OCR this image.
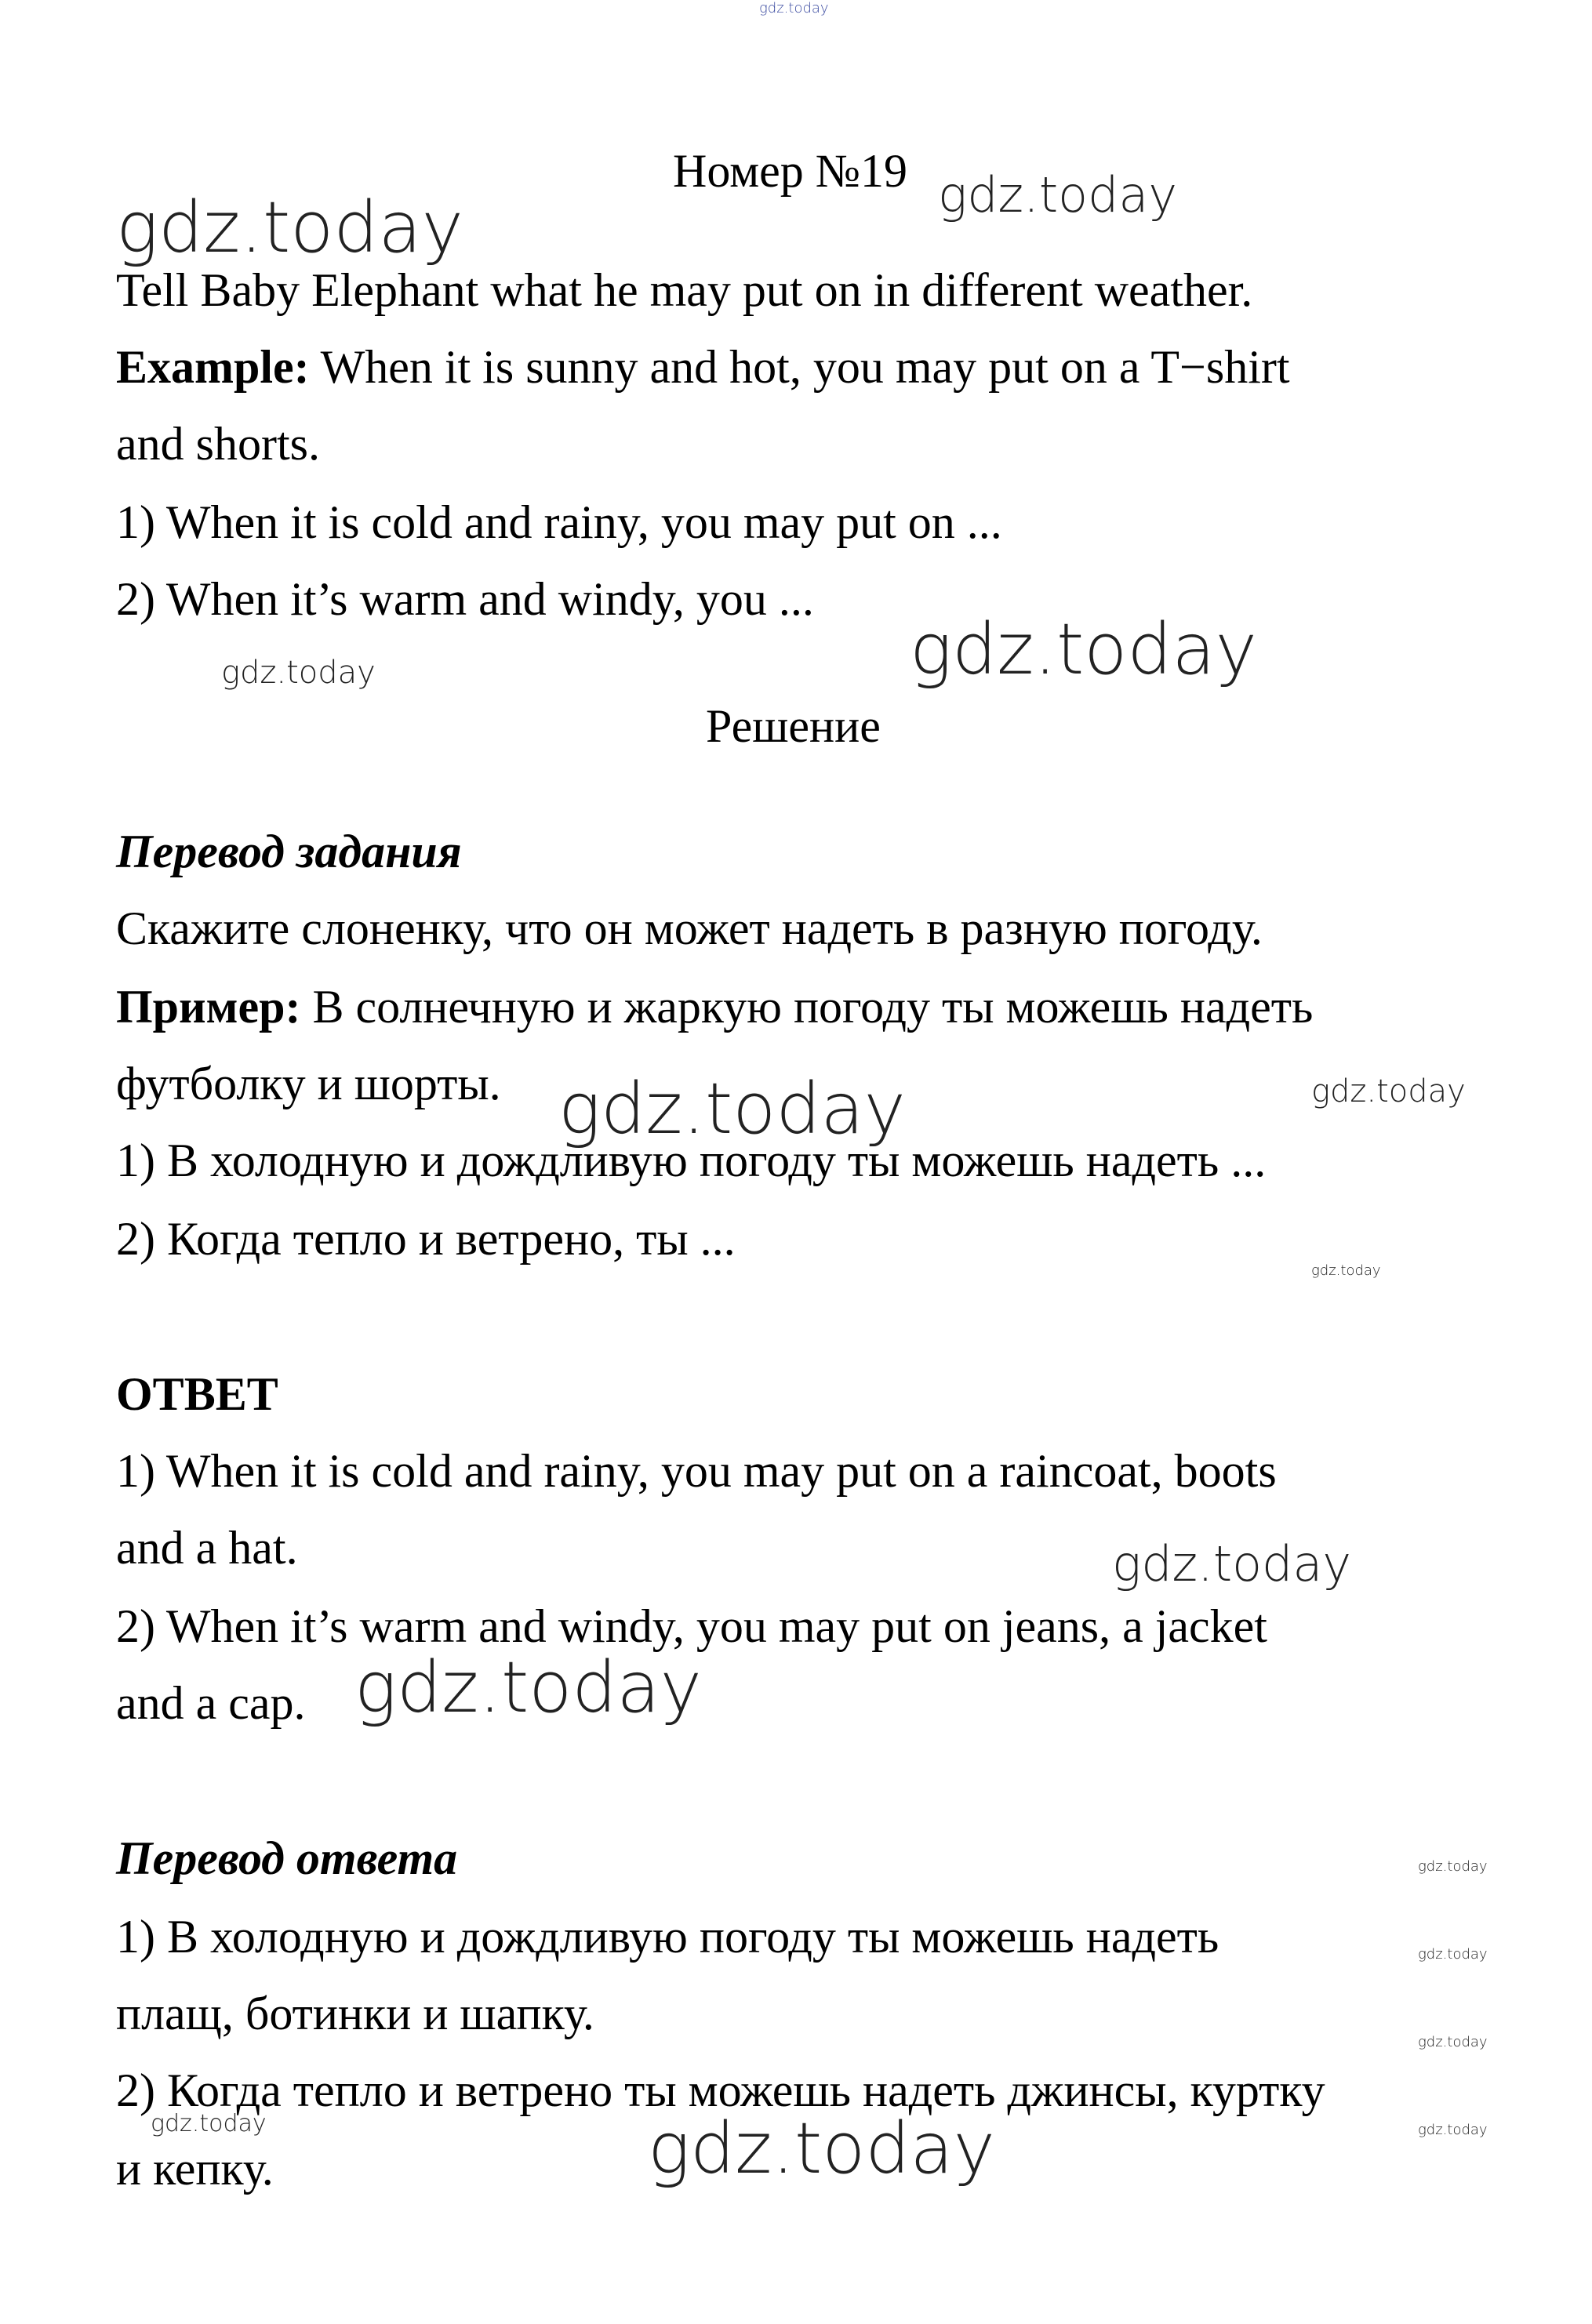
gdz.today
gdz.today	gdz.today
gdz.today	gdz.today
gdz.today	gdz.today
gdz.today
gdz.today
gdz.today
gdz.today
gdz.today
gdz.today
gdz.today
gdz.today	gdz.today
Номер №19
Tell Baby Elephant what he may put on in different weather.
Example: When it is sunny and hot, you may put on a T−shirt
and shorts.
1) When it is cold and rainy, you may put on ...
2) When it’s warm and windy, you ...
Решение
Перевод задания
Скажите слоненку, что он может надеть в разную погоду.
Пример: В солнечную и жаркую погоду ты можешь надеть
футболку и шорты.
1) В холодную и дождливую погоду ты можешь надеть ...
2) Когда тепло и ветрено, ты ...
ОТВЕТ
1) When it is cold and rainy, you may put on a raincoat, boots
and a hat.
2) When it’s warm and windy, you may put on jeans, a jacket
and a cap.
Перевод ответа
1) В холодную и дождливую погоду ты можешь надеть
плащ, ботинки и шапку.
2) Когда тепло и ветрено ты можешь надеть джинсы, куртку
и кепку.
